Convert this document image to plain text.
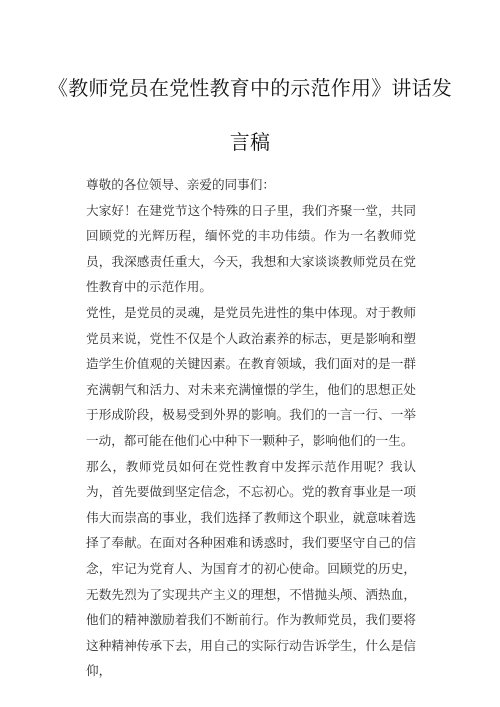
《教师党员在党性教育中的示范作用》讲话发
言稿

尊敬的各位领导、亲爱的同事们：

大家好！在建党节这个特殊的日子里，我们齐聚一堂，共同回顾党的光辉历程，缅怀党的丰功伟绩。作为一名教师党员，我深感责任重大，今天，我想和大家谈谈教师党员在党性教育中的示范作用。

党性，是党员的灵魂，是党员先进性的集中体现。对于教师党员来说，党性不仅是个人政治素养的标志，更是影响和塑造学生价值观的关键因素。在教育领域，我们面对的是一群充满朝气和活力、对未来充满憧憬的学生，他们的思想正处于形成阶段，极易受到外界的影响。我们的一言一行、一举一动，都可能在他们心中种下一颗种子，影响他们的一生。

那么，教师党员如何在党性教育中发挥示范作用呢？我认为，首先要做到坚定信念，不忘初心。党的教育事业是一项伟大而崇高的事业，我们选择了教师这个职业，就意味着选择了奉献。在面对各种困难和诱惑时，我们要坚守自己的信念，牢记为党育人、为国育才的初心使命。回顾党的历史，无数先烈为了实现共产主义的理想，不惜抛头颅、洒热血，他们的精神激励着我们不断前行。作为教师党员，我们要将这种精神传承下去，用自己的实际行动告诉学生，什么是信仰，
